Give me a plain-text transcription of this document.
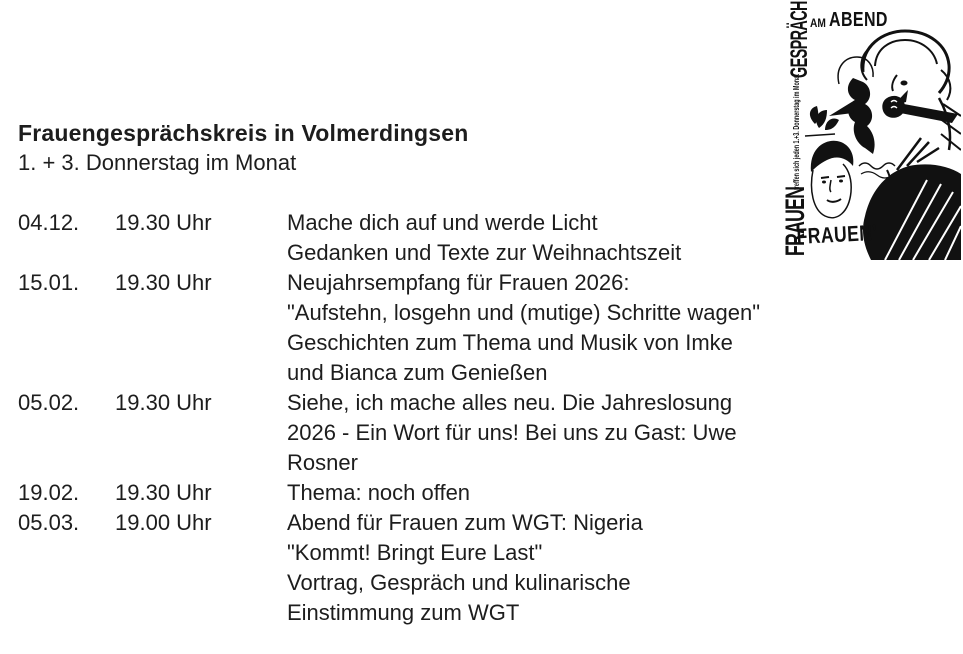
GESPRÄCH
treffen sich jeden 1.+3. Donnerstag im Monat
FRAUEN
AM ABEND
FRAUEN'
Frauengesprächskreis in Volmerdingsen
1. + 3. Donnerstag im Monat
04.12.	19.30 Uhr	Mache dich auf und werde Licht
Gedanken und Texte zur Weihnachtszeit
15.01.	19.30 Uhr	Neujahrsempfang für Frauen 2026:
"Aufstehn, losgehn und (mutige) Schritte wagen"
Geschichten zum Thema und Musik von Imke
und Bianca zum Genießen
05.02.	19.30 Uhr	Siehe, ich mache alles neu. Die Jahreslosung
2026 - Ein Wort für uns! Bei uns zu Gast: Uwe
Rosner
19.02.	19.30 Uhr	Thema: noch offen
05.03.	19.00 Uhr	Abend für Frauen zum WGT: Nigeria
"Kommt! Bringt Eure Last"
Vortrag, Gespräch und kulinarische
Einstimmung zum WGT
